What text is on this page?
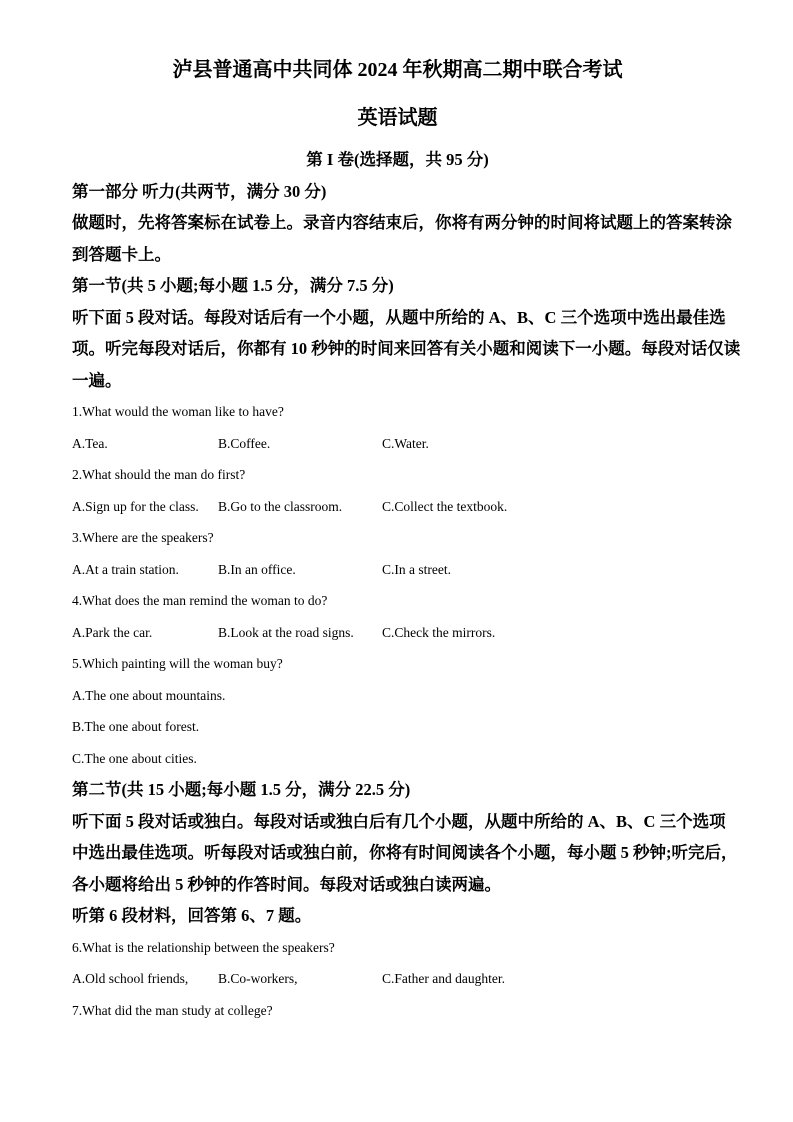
泸县普通高中共同体 2024 年秋期高二期中联合考试
英语试题
第 I 卷(选择题，共 95 分)
第一部分 听力(共两节，满分 30 分)
做题时，先将答案标在试卷上。录音内容结束后，你将有两分钟的时间将试题上的答案转涂
到答题卡上。
第一节(共 5 小题;每小题 1.5 分，满分 7.5 分)
听下面 5 段对话。每段对话后有一个小题，从题中所给的 A、B、C 三个选项中选出最佳选
项。听完每段对话后，你都有 10 秒钟的时间来回答有关小题和阅读下一小题。每段对话仅读
一遍。
1.What would the woman like to have?
A.Tea.	B.Coffee.	C.Water.
2.What should the man do first?
A.Sign up for the class.	B.Go to the classroom.	C.Collect the textbook.
3.Where are the speakers?
A.At a train station.	B.In an office.	C.In a street.
4.What does the man remind the woman to do?
A.Park the car.	B.Look at the road signs.	C.Check the mirrors.
5.Which painting will the woman buy?
A.The one about mountains.
B.The one about forest.
C.The one about cities.
第二节(共 15 小题;每小题 1.5 分，满分 22.5 分)
听下面 5 段对话或独白。每段对话或独白后有几个小题，从题中所给的 A、B、C 三个选项
中选出最佳选项。听每段对话或独白前，你将有时间阅读各个小题，每小题 5 秒钟;听完后，
各小题将给出 5 秒钟的作答时间。每段对话或独白读两遍。
听第 6 段材料，回答第 6、7 题。
6.What is the relationship between the speakers?
A.Old school friends,	B.Co-workers,	C.Father and daughter.
7.What did the man study at college?
